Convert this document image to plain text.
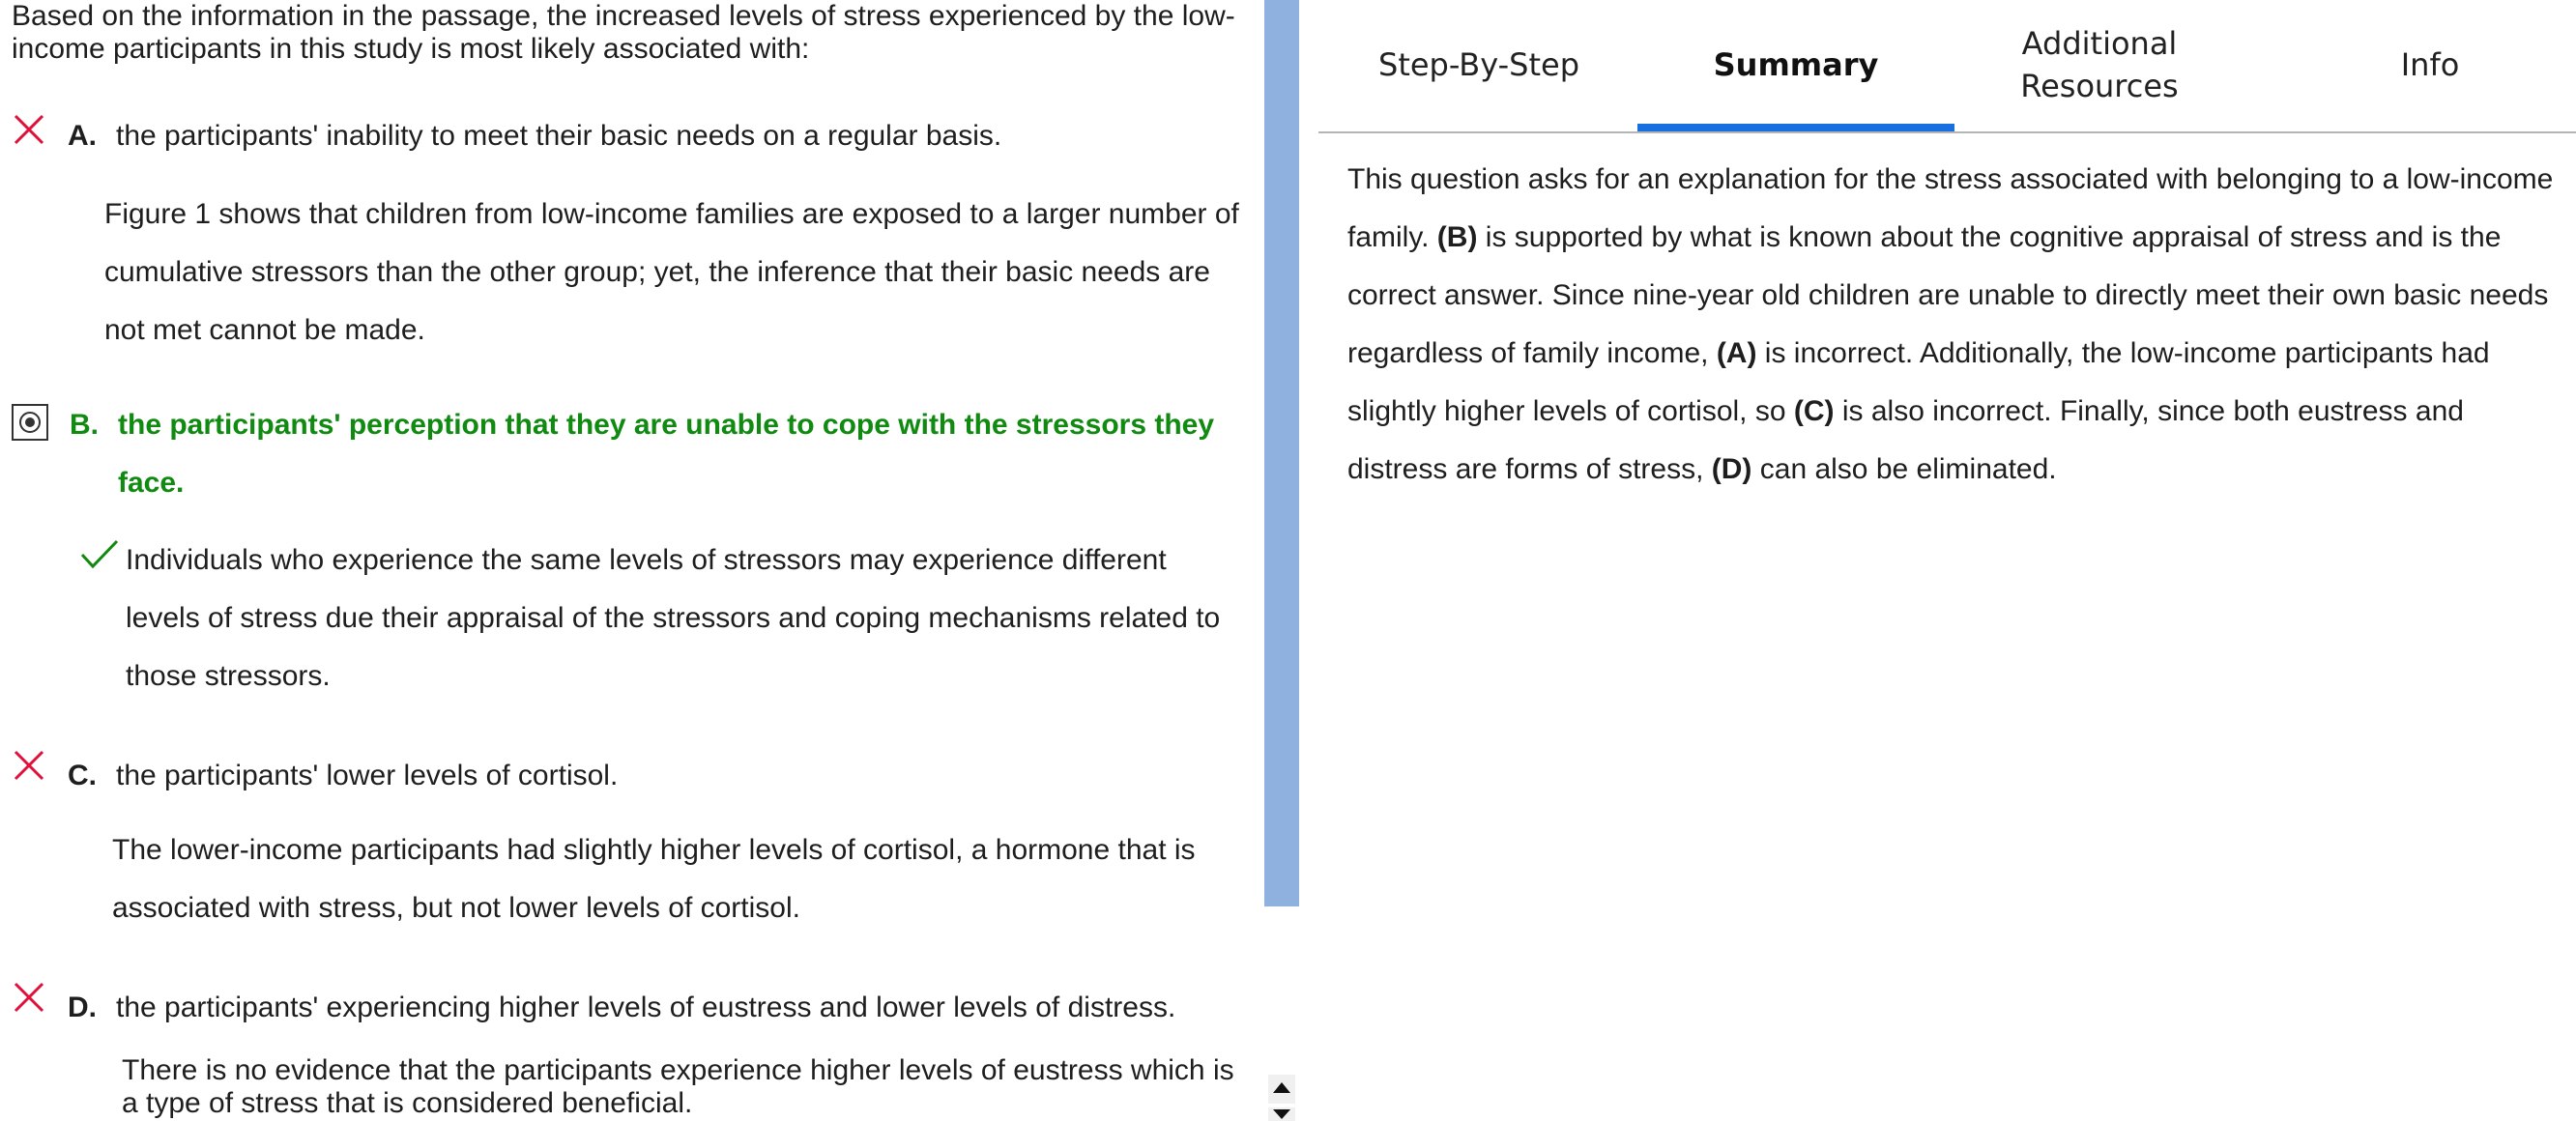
Based on the information in the passage, the increased levels of stress experienced by the low-income participants in this study is most likely associated with:
A. the participants' inability to meet their basic needs on a regular basis.
Figure 1 shows that children from low-income families are exposed to a larger number of cumulative stressors than the other group; yet, the inference that their basic needs are not met cannot be made.
B. the participants' perception that they are unable to cope with the stressors they face.
Individuals who experience the same levels of stressors may experience different levels of stress due their appraisal of the stressors and coping mechanisms related to those stressors.
C. the participants' lower levels of cortisol.
The lower-income participants had slightly higher levels of cortisol, a hormone that is associated with stress, but not lower levels of cortisol.
D. the participants' experiencing higher levels of eustress and lower levels of distress.
There is no evidence that the participants experience higher levels of eustress which is a type of stress that is considered beneficial.
Step-By-Step	Summary
Additional Resources
Info
This question asks for an explanation for the stress associated with belonging to a low-income family. (B) is supported by what is known about the cognitive appraisal of stress and is the correct answer. Since nine-year old children are unable to directly meet their own basic needs regardless of family income, (A) is incorrect. Additionally, the low-income participants had slightly higher levels of cortisol, so (C) is also incorrect. Finally, since both eustress and distress are forms of stress, (D) can also be eliminated.
